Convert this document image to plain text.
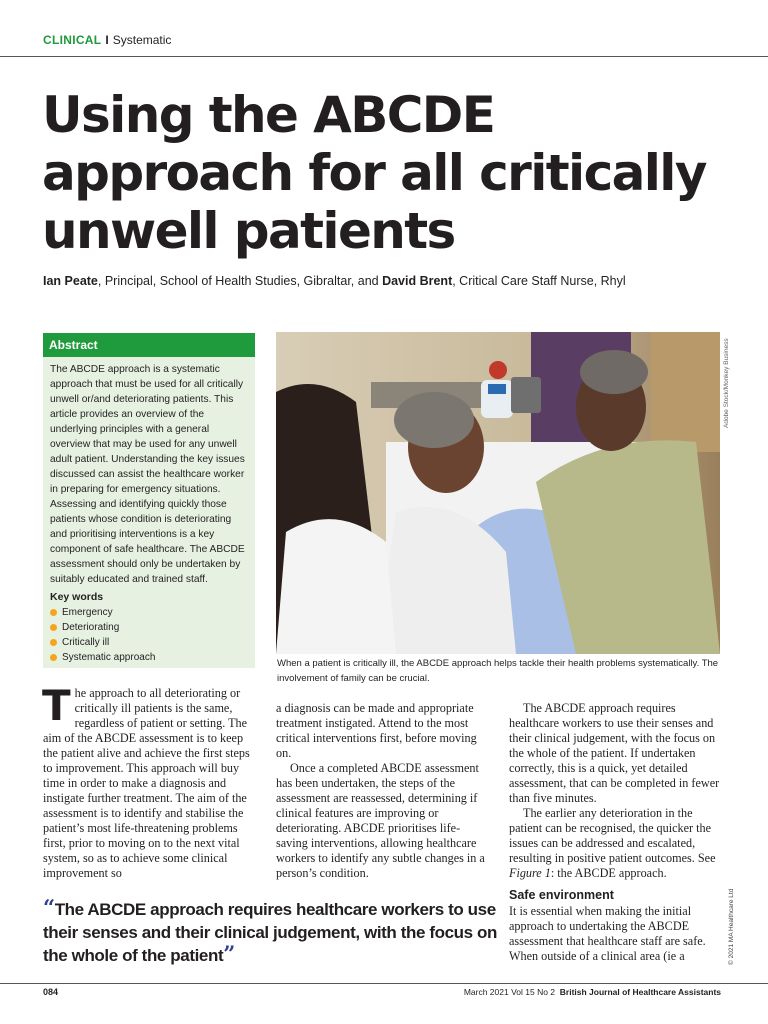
CLINICAL I Systematic
Using the ABCDE approach for all critically unwell patients
Ian Peate, Principal, School of Health Studies, Gibraltar, and David Brent, Critical Care Staff Nurse, Rhyl
Abstract
The ABCDE approach is a systematic approach that must be used for all critically unwell or/and deteriorating patients. This article provides an overview of the underlying principles with a general overview that may be used for any unwell adult patient. Understanding the key issues discussed can assist the healthcare worker in preparing for emergency situations. Assessing and identifying quickly those patients whose condition is deteriorating and prioritising interventions is a key component of safe healthcare. The ABCDE assessment should only be undertaken by suitably educated and trained staff.
Key words
Emergency
Deteriorating
Critically ill
Systematic approach
Adobe Stock/Monkey Business
When a patient is critically ill, the ABCDE approach helps tackle their health problems systematically. The involvement of family can be crucial.

The approach to all deteriorating or critically ill patients is the same, regardless of patient or setting. The aim of the ABCDE assessment is to keep the patient alive and achieve the first steps to improvement. This approach will buy time in order to make a diagnosis and instigate further treatment. The aim of the assessment is to identify and stabilise the patient’s most life-threatening problems first, prior to moving on to the next vital system, so as to achieve some clinical improvement so

a diagnosis can be made and appropriate treatment instigated. Attend to the most critical interventions first, before moving on.

Once a completed ABCDE assessment has been undertaken, the steps of the assessment are reassessed, determining if clinical features are improving or deteriorating. ABCDE prioritises life-saving interventions, allowing healthcare workers to identify any subtle changes in a person’s condition.

The ABCDE approach requires healthcare workers to use their senses and their clinical judgement, with the focus on the whole of the patient. If undertaken correctly, this is a quick, yet detailed assessment, that can be completed in fewer than five minutes.

The earlier any deterioration in the patient can be recognised, the quicker the issues can be addressed and escalated, resulting in positive patient outcomes. See Figure 1: the ABCDE approach.

Safe environment

It is essential when making the initial approach to undertaking the ABCDE assessment that healthcare staff are safe. When outside of a clinical area (ie a

“The ABCDE approach requires healthcare workers to use their senses and their clinical judgement, with the focus on the whole of the patient”	© 2021 MA Healthcare Ltd
084	March 2021 Vol 15 No 2 British Journal of Healthcare Assistants
